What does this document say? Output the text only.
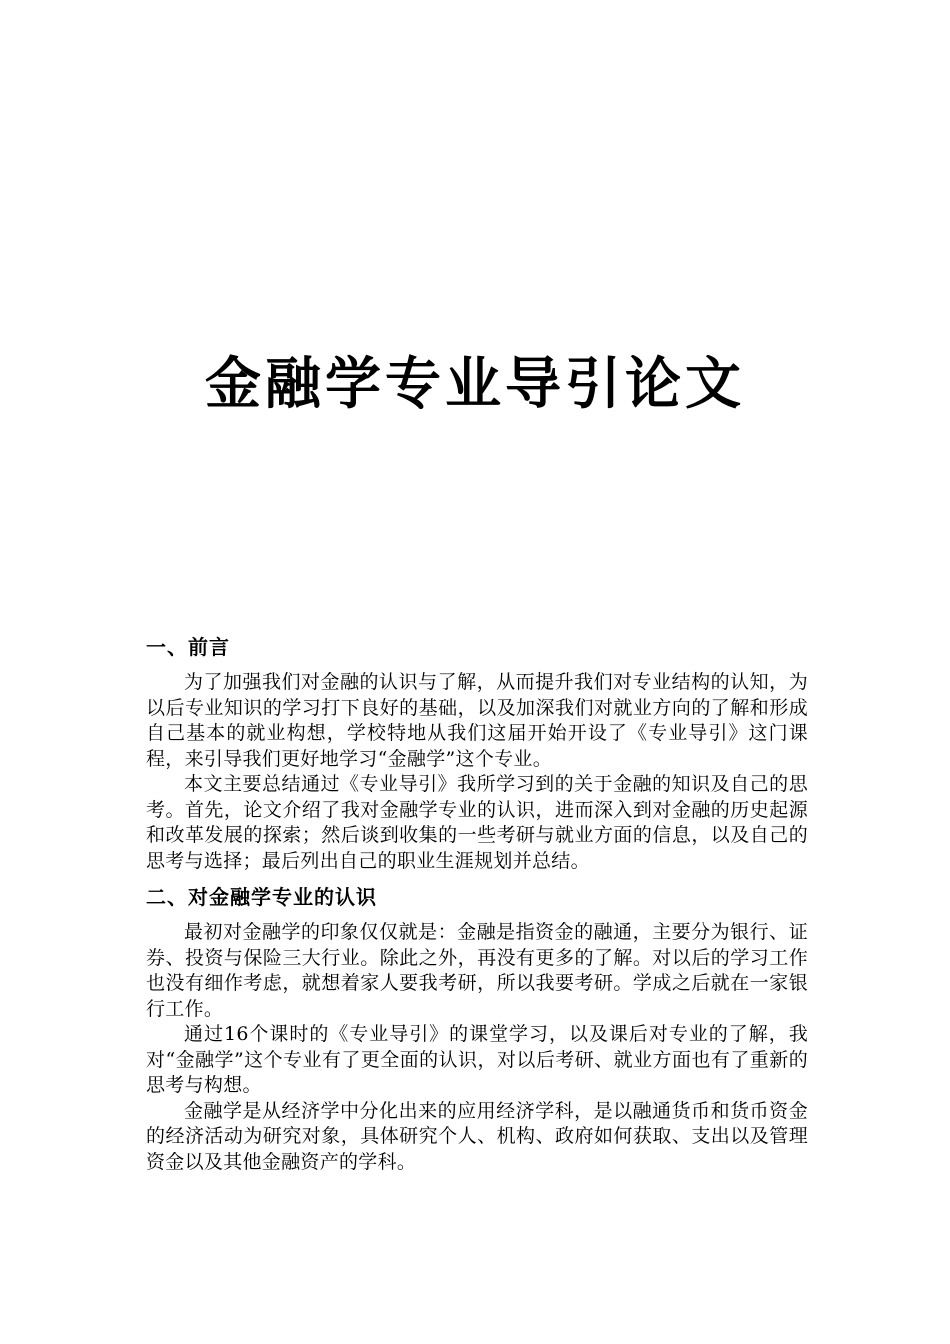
金融学专业导引论文
一、前言

为了加强我们对金融的认识与了解，从而提升我们对专业结构的认知，为以后专业知识的学习打下良好的基础，以及加深我们对就业方向的了解和形成自己基本的就业构想，学校特地从我们这届开始开设了《专业导引》这门课程，来引导我们更好地学习“金融学”这个专业。

本文主要总结通过《专业导引》我所学习到的关于金融的知识及自己的思考。首先，论文介绍了我对金融学专业的认识，进而深入到对金融的历史起源和改革发展的探索；然后谈到收集的一些考研与就业方面的信息，以及自己的思考与选择；最后列出自己的职业生涯规划并总结。

二、对金融学专业的认识

最初对金融学的印象仅仅就是：金融是指资金的融通，主要分为银行、证券、投资与保险三大行业。除此之外，再没有更多的了解。对以后的学习工作也没有细作考虑，就想着家人要我考研，所以我要考研。学成之后就在一家银行工作。

通过16个课时的《专业导引》的课堂学习，以及课后对专业的了解，我对“金融学”这个专业有了更全面的认识，对以后考研、就业方面也有了重新的思考与构想。

金融学是从经济学中分化出来的应用经济学科，是以融通货币和货币资金的经济活动为研究对象，具体研究个人、机构、政府如何获取、支出以及管理资金以及其他金融资产的学科。
